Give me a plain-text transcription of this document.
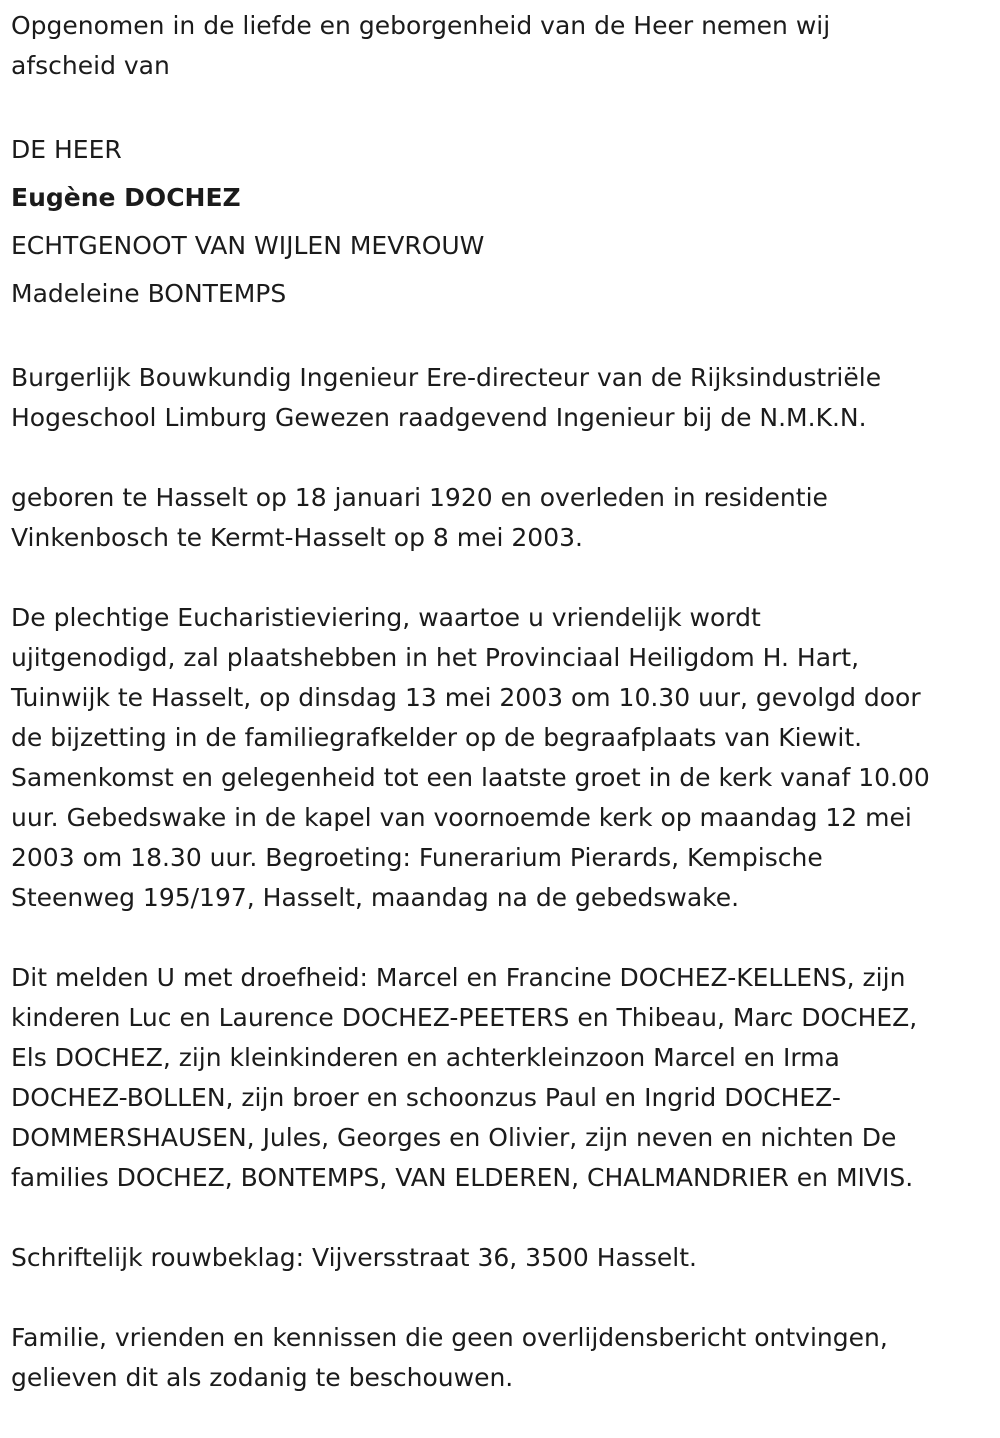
Opgenomen in de liefde en geborgenheid van de Heer nemen wij
afscheid van
DE HEER
Eugène DOCHEZ
ECHTGENOOT VAN WIJLEN MEVROUW
Madeleine BONTEMPS
Burgerlijk Bouwkundig Ingenieur Ere-directeur van de Rijksindustriële
Hogeschool Limburg Gewezen raadgevend Ingenieur bij de N.M.K.N.
geboren te Hasselt op 18 januari 1920 en overleden in residentie
Vinkenbosch te Kermt-Hasselt op 8 mei 2003.
De plechtige Eucharistieviering, waartoe u vriendelijk wordt
ujitgenodigd, zal plaatshebben in het Provinciaal Heiligdom H. Hart,
Tuinwijk te Hasselt, op dinsdag 13 mei 2003 om 10.30 uur, gevolgd door
de bijzetting in de familiegrafkelder op de begraafplaats van Kiewit.
Samenkomst en gelegenheid tot een laatste groet in de kerk vanaf 10.00
uur. Gebedswake in de kapel van voornoemde kerk op maandag 12 mei
2003 om 18.30 uur. Begroeting: Funerarium Pierards, Kempische
Steenweg 195/197, Hasselt, maandag na de gebedswake.
Dit melden U met droefheid: Marcel en Francine DOCHEZ-KELLENS, zijn
kinderen Luc en Laurence DOCHEZ-PEETERS en Thibeau, Marc DOCHEZ,
Els DOCHEZ, zijn kleinkinderen en achterkleinzoon Marcel en Irma
DOCHEZ-BOLLEN, zijn broer en schoonzus Paul en Ingrid DOCHEZ-
DOMMERSHAUSEN, Jules, Georges en Olivier, zijn neven en nichten De
families DOCHEZ, BONTEMPS, VAN ELDEREN, CHALMANDRIER en MIVIS.
Schriftelijk rouwbeklag: Vijversstraat 36, 3500 Hasselt.
Familie, vrienden en kennissen die geen overlijdensbericht ontvingen,
gelieven dit als zodanig te beschouwen.
